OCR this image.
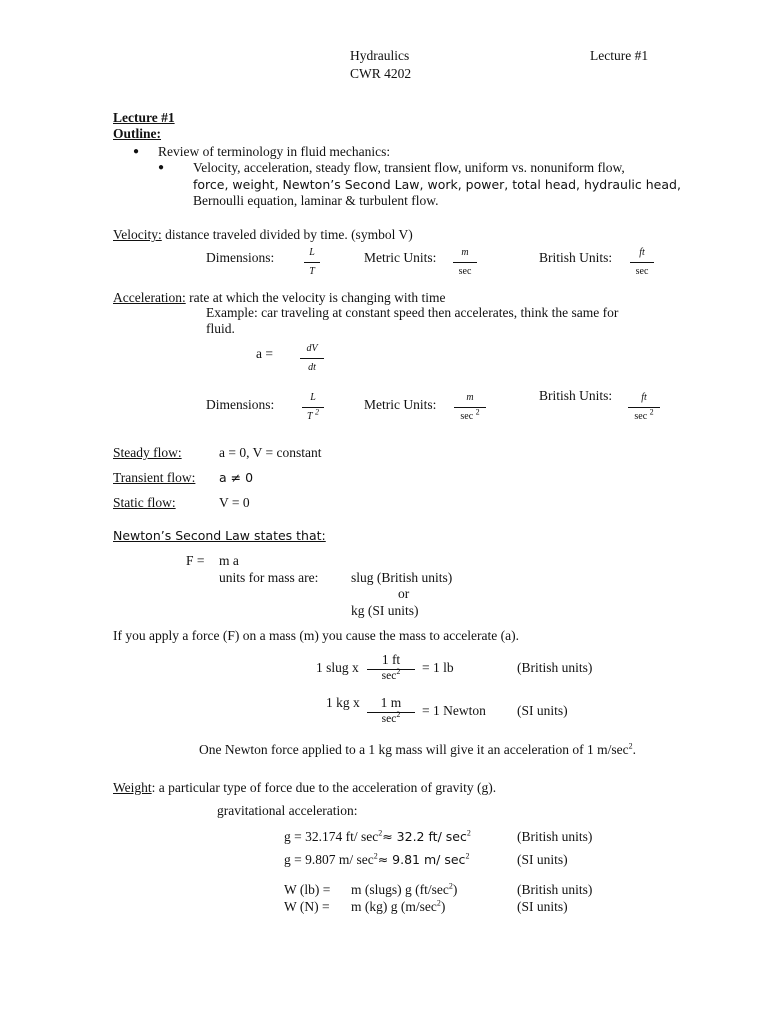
Hydraulics	Lecture #1
CWR 4202
Lecture #1
Outline:
● Review of terminology in fluid mechanics:
● Velocity, acceleration, steady flow, transient flow, uniform vs. nonuniform flow,
force, weight, Newton’s Second Law, work, power, total head, hydraulic head,
Bernoulli equation, laminar & turbulent flow.
Velocity: distance traveled divided by time. (symbol V)
Dimensions:	L
T
Metric Units:	m
sec
British Units:	ft
sec
Acceleration: rate at which the velocity is changing with time
Example: car traveling at constant speed then accelerates, think the same for fluid.
a =	dV
dt
Dimensions:	L
T $^2$
Metric Units:	m
sec $^2$
British Units:	ft
sec $^2$
Steady flow:	a = 0, V = constant
Transient flow: a ≠ 0
Static flow:	V = 0
Newton’s Second Law states that:
F = m a
units for mass are: slug (British units)
or
kg (SI units)
If you apply a force (F) on a mass (m) you cause the mass to accelerate (a).
1 slug x
1 ft
$\sec^2$	= 1 lb	(British units)
1 kg x	1 m
$\sec^2$	= 1 Newton (SI units)
One Newton force applied to a 1 kg mass will give it an acceleration of 1 $m/\sec^2$.
Weight: a particular type of force due to the acceleration of gravity (g).
gravitational acceleration:
g = 32.174 ft/ $\sec^2\approx 32.2$ ft/ $\sec^2$	(British units)
g = 9.807 m/ $\sec^2\approx 9.81$ m/ $\sec^2$	(SI units)
W (lb) = m (slugs) g $(ft/\sec^2)$	(British units)
W (N) = m (kg) g $(m/\sec^2)$	(SI units)
